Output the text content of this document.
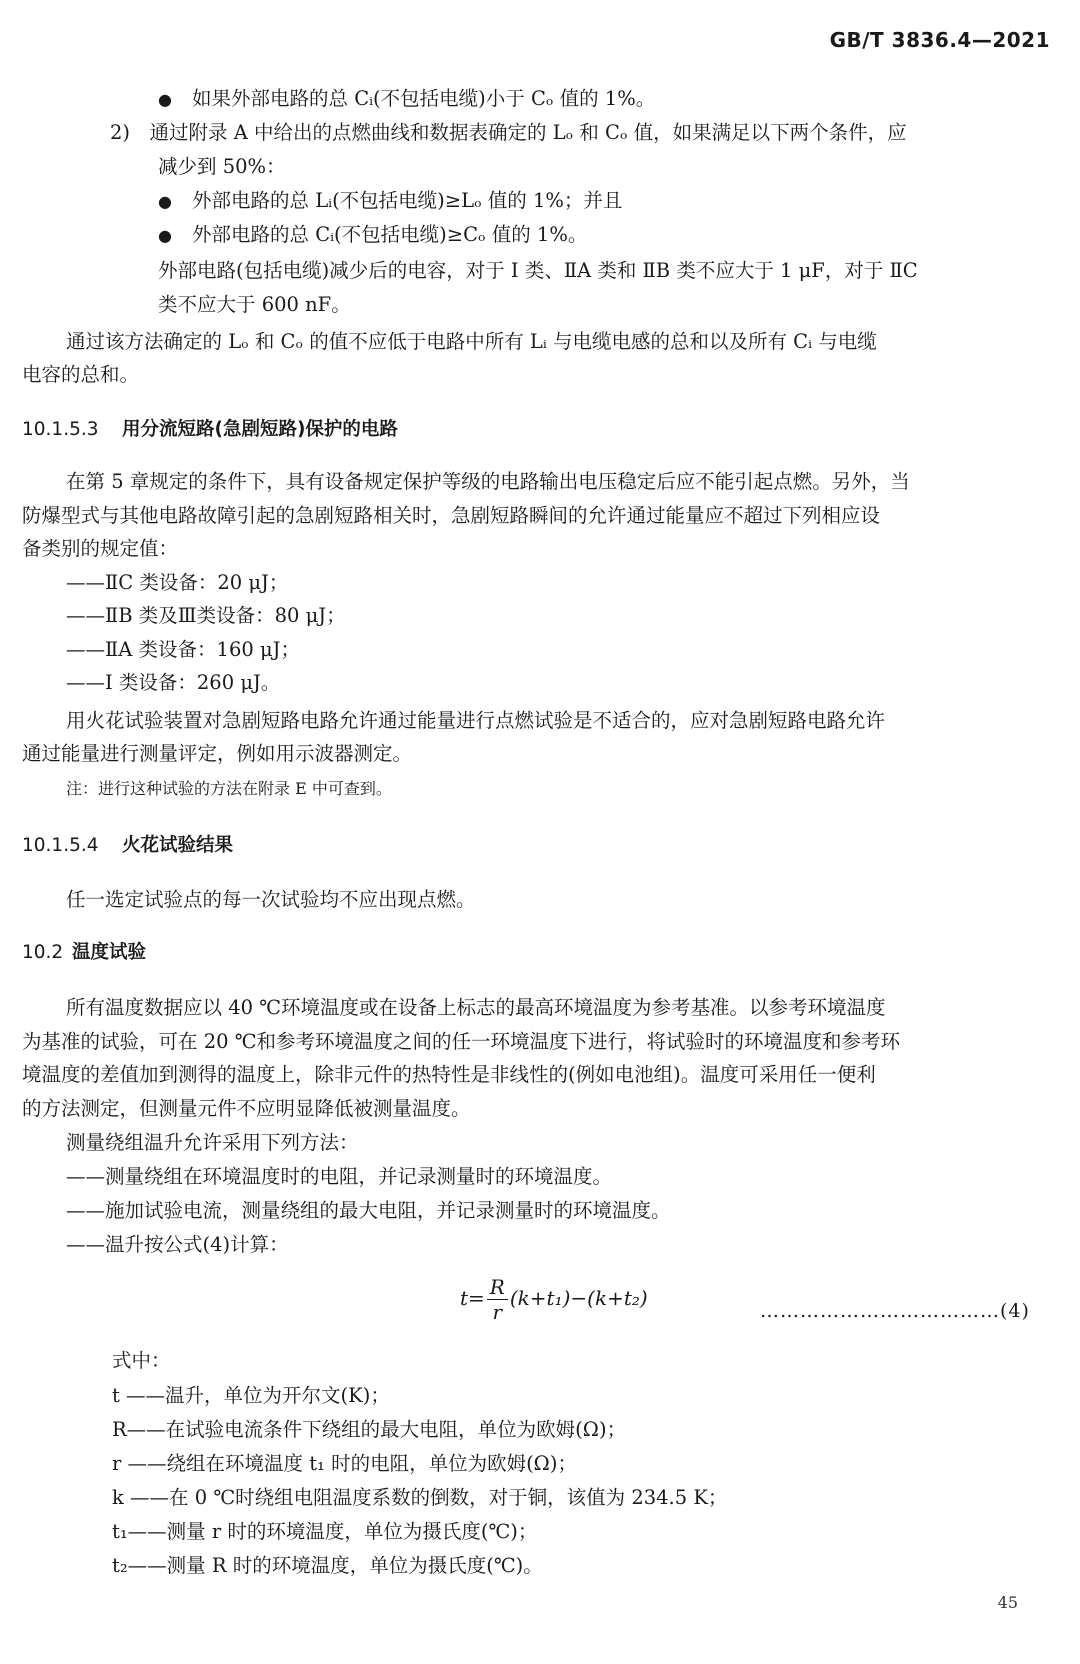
GB/T 3836.4—2021
● 如果外部电路的总 Cᵢ(不包括电缆)小于 Cₒ 值的 1%。
2)　通过附录 A 中给出的点燃曲线和数据表确定的 Lₒ 和 Cₒ 值，如果满足以下两个条件，应
减少到 50%：
● 外部电路的总 Lᵢ(不包括电缆)≥Lₒ 值的 1%；并且
● 外部电路的总 Cᵢ(不包括电缆)≥Cₒ 值的 1%。
外部电路(包括电缆)减少后的电容，对于 Ⅰ 类、ⅡA 类和 ⅡB 类不应大于 1 μF，对于 ⅡC
类不应大于 600 nF。
通过该方法确定的 Lₒ 和 Cₒ 的值不应低于电路中所有 Lᵢ 与电缆电感的总和以及所有 Cᵢ 与电缆
电容的总和。
10.1.5.3 用分流短路(急剧短路)保护的电路
在第 5 章规定的条件下，具有设备规定保护等级的电路输出电压稳定后应不能引起点燃。另外，当
防爆型式与其他电路故障引起的急剧短路相关时，急剧短路瞬间的允许通过能量应不超过下列相应设
备类别的规定值：
——ⅡC 类设备：20 μJ；
——ⅡB 类及Ⅲ类设备：80 μJ；
——ⅡA 类设备：160 μJ；
——Ⅰ 类设备：260 μJ。
用火花试验装置对急剧短路电路允许通过能量进行点燃试验是不适合的，应对急剧短路电路允许
通过能量进行测量评定，例如用示波器测定。
注：进行这种试验的方法在附录 E 中可查到。
10.1.5.4 火花试验结果
任一选定试验点的每一次试验均不应出现点燃。
10.2 温度试验
所有温度数据应以 40 ℃环境温度或在设备上标志的最高环境温度为参考基准。以参考环境温度
为基准的试验，可在 20 ℃和参考环境温度之间的任一环境温度下进行，将试验时的环境温度和参考环
境温度的差值加到测得的温度上，除非元件的热特性是非线性的(例如电池组)。温度可采用任一便利
的方法测定，但测量元件不应明显降低被测量温度。
测量绕组温升允许采用下列方法：
——测量绕组在环境温度时的电阻，并记录测量时的环境温度。
——施加试验电流，测量绕组的最大电阻，并记录测量时的环境温度。
——温升按公式(4)计算：
$t= \frac{R}{r} (k+t_1)-(k+t_2)$
………………………………(4)
式中：
t ——温升，单位为开尔文(K)；
R——在试验电流条件下绕组的最大电阻，单位为欧姆(Ω)；
r ——绕组在环境温度 t₁ 时的电阻，单位为欧姆(Ω)；
k ——在 0 ℃时绕组电阻温度系数的倒数，对于铜，该值为 234.5 K；
t₁——测量 r 时的环境温度，单位为摄氏度(℃)；
t₂——测量 R 时的环境温度，单位为摄氏度(℃)。
45
